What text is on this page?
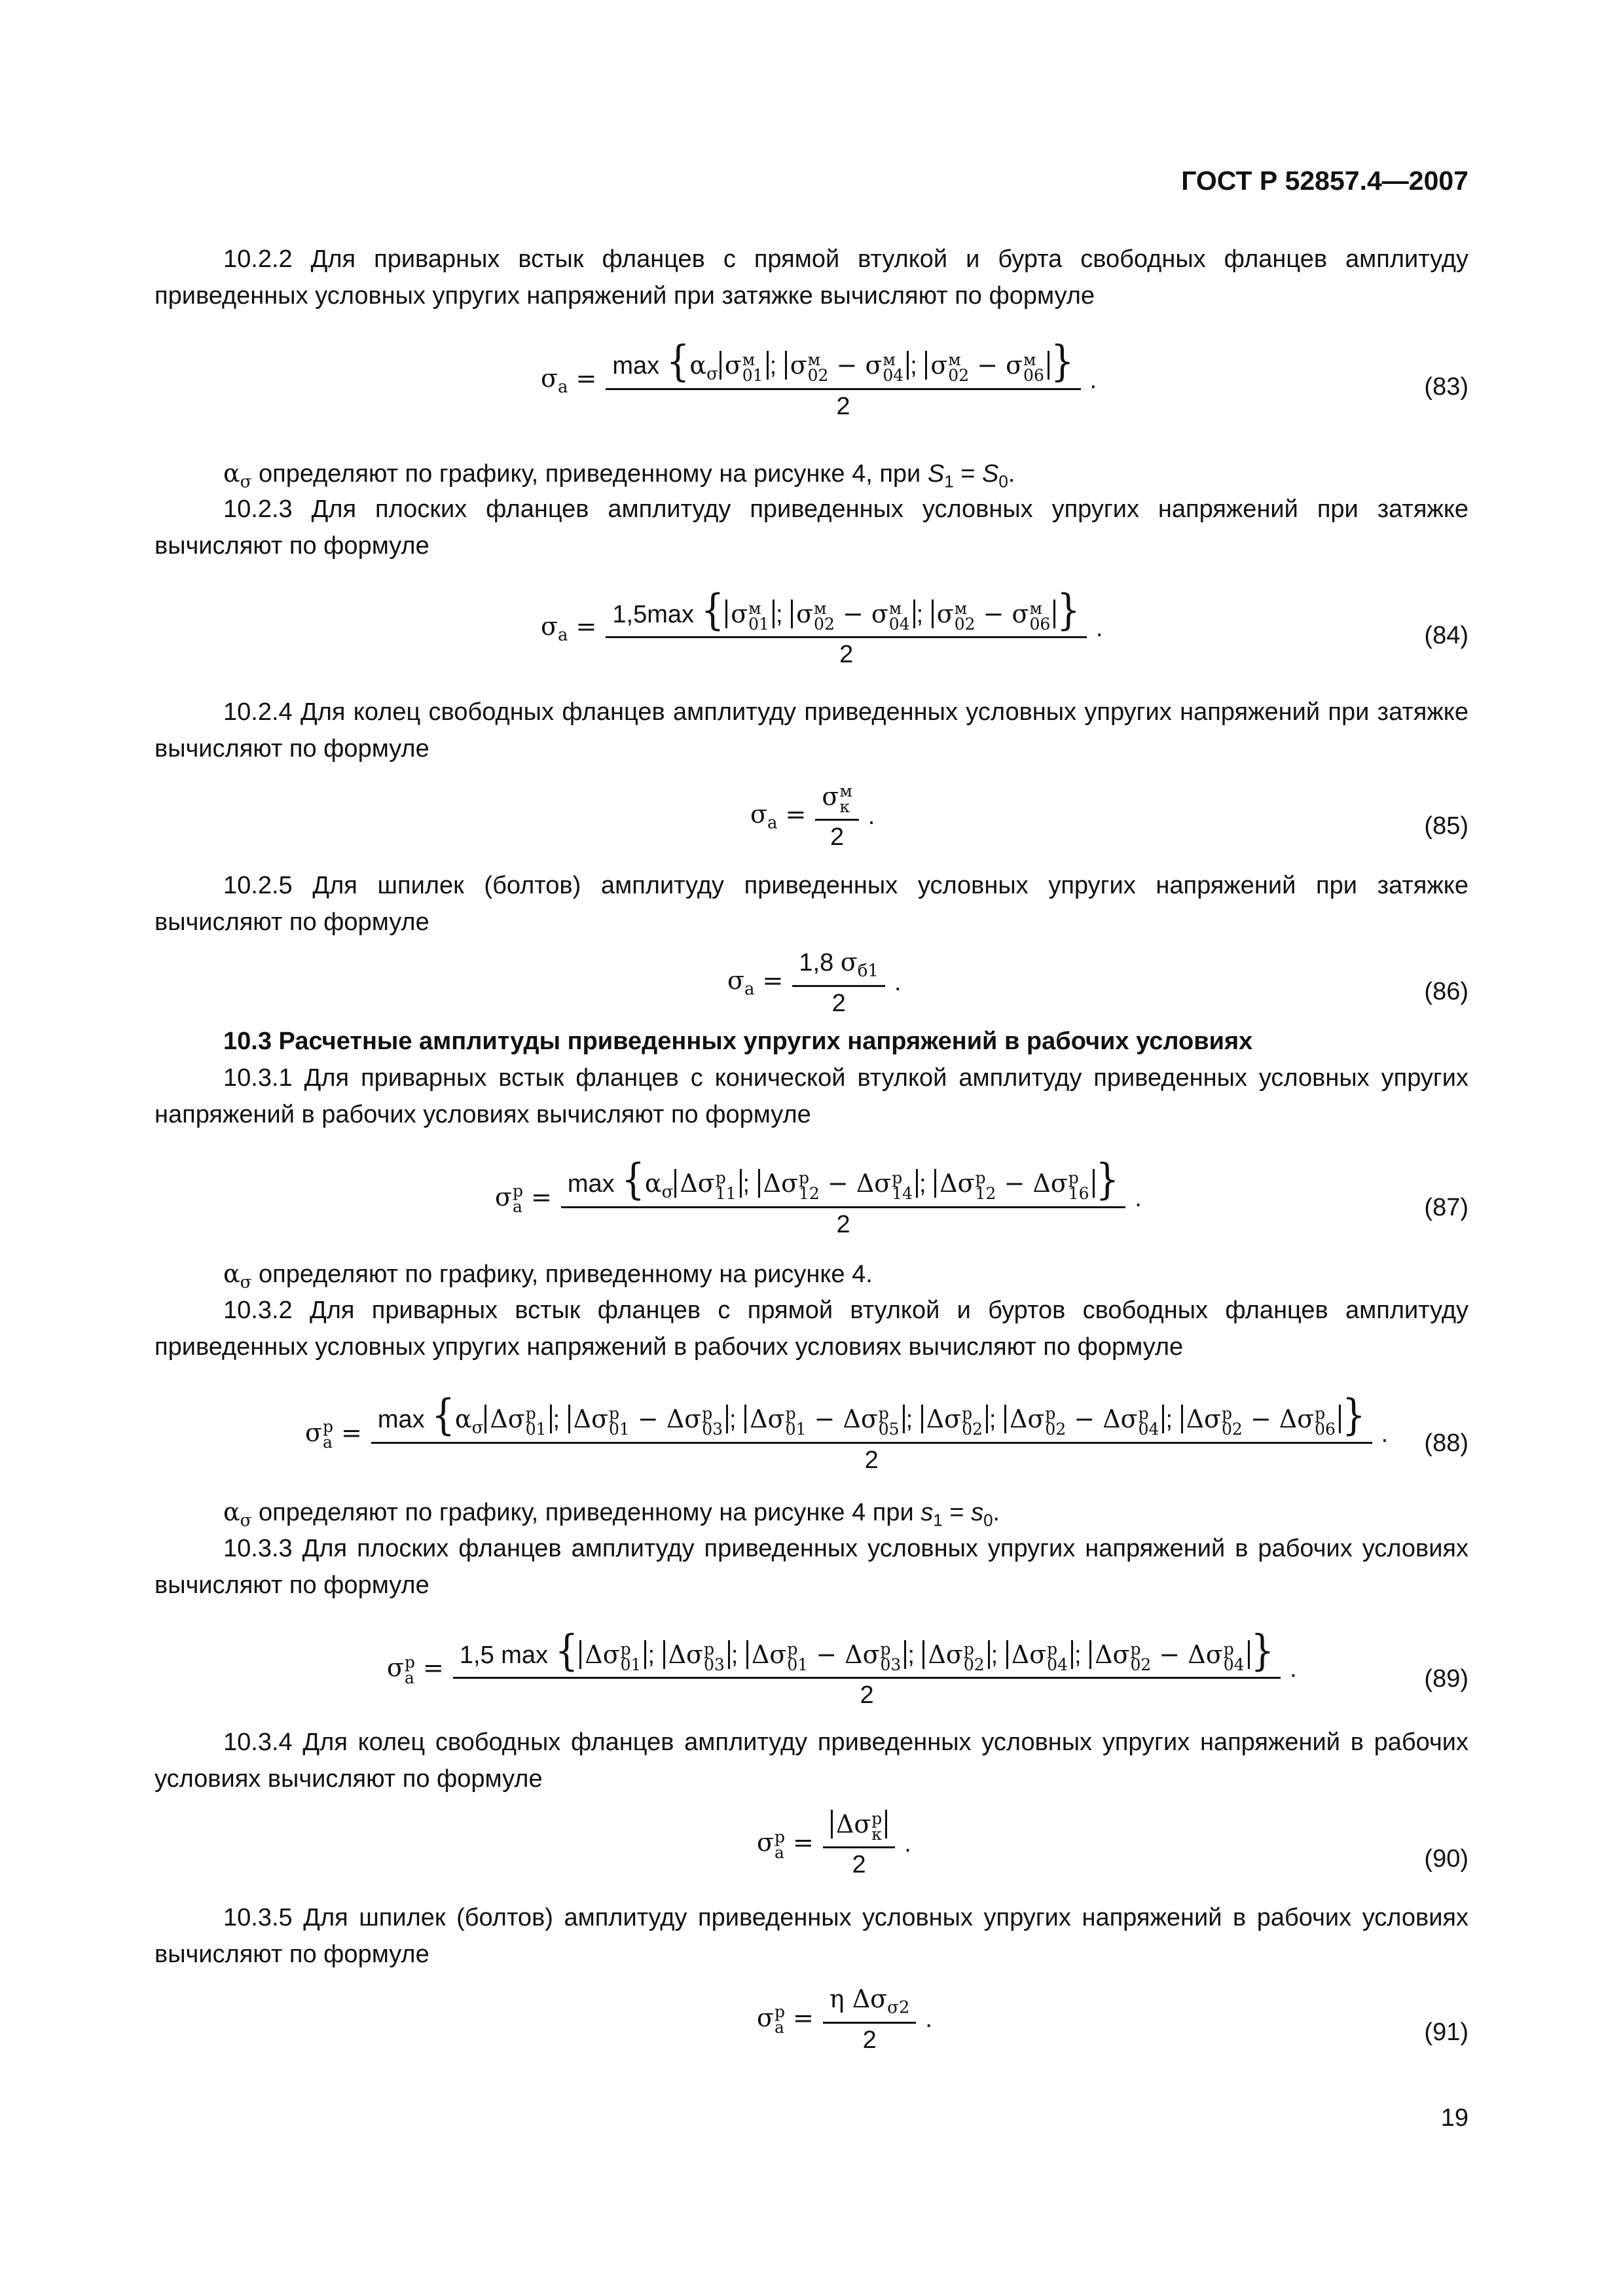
ГОСТ Р 52857.4—2007

10.2.2 Для приварных встык фланцев с прямой втулкой и бурта свободных фланцев амплитуду приведенных условных упругих напряжений при затяжке вычисляют по формуле

$\sigma_a = \max \{\alpha_\sigma$ σ м
01 ; σ м
02 − σ м
04 ; σ м
02 − σ м
06 }
2 .	(83)
$\alpha_\sigma$ определяют по графику, приведенному на рисунке 4, при $S_1 = S_0$.

10.2.3 Для плоских фланцев амплитуду приведенных условных упругих напряжений при затяжке вычисляют по формуле

$\sigma_a = 1,5\max$ { σ м
01 ; σ м
02 − σ м
04 ; σ м
02 − σ м
06 }
2 .	(84)

10.2.4 Для колец свободных фланцев амплитуду приведенных условных упругих напряжений при затяжке вычисляют по формуле

$\sigma_a = \sigma$ м
к
2 .	(85)

10.2.5 Для шпилек (болтов) амплитуду приведенных условных упругих напряжений при затяжке вычисляют по формуле

$\sigma_a = \frac{1,8 \sigma_{б1}}{2}$ .	(86)
10.3 Расчетные амплитуды приведенных упругих напряжений в рабочих условиях

10.3.1 Для приварных встык фланцев с конической втулкой амплитуду приведенных условных упругих напряжений в рабочих условиях вычисляют по формуле

σ p
$a = \max \{\alpha_\sigma$ Δσ p
11 ; Δσ p
12 − Δσ p
14 ; Δσ p
12 − Δσ p
16 }
2 .	(87)
$\alpha_\sigma$ определяют по графику, приведенному на рисунке 4.

10.3.2 Для приварных встык фланцев с прямой втулкой и буртов свободных фланцев амплитуду приведенных условных упругих напряжений в рабочих условиях вычисляют по формуле

σ p
$a = \max \{\alpha_\sigma$ Δσ p
01 ; Δσ p
01 − Δσ p
03 ; Δσ p
01 − Δσ p
05 ; Δσ p
02 ; Δσ p
02 − Δσ p
04 ; Δσ p
02 − Δσ p
06 }
2
. (88)
$\alpha_\sigma$ определяют по графику, приведенному на рисунке 4 при $s_1 = s_0$.

10.3.3 Для плоских фланцев амплитуду приведенных условных упругих напряжений в рабочих условиях вычисляют по формуле

σ p
a = 1,5 max { Δσ p
01 ; Δσ p
03 ; Δσ p
01 − Δσ p
03 ; Δσ p
02 ; Δσ p
04 ; Δσ p
02 − Δσ p
04 }
2
.	(89)

10.3.4 Для колец свободных фланцев амплитуду приведенных условных упругих напряжений в рабочих условиях вычисляют по формуле

σ p
a = Δσ p
к
2 .
(90)

10.3.5 Для шпилек (болтов) амплитуду приведенных условных упругих напряжений в рабочих условиях вычисляют по формуле

σ p
$a = \frac{\eta \Delta\sigma_{\sigma 2}}{2}$ .	(91)
19
